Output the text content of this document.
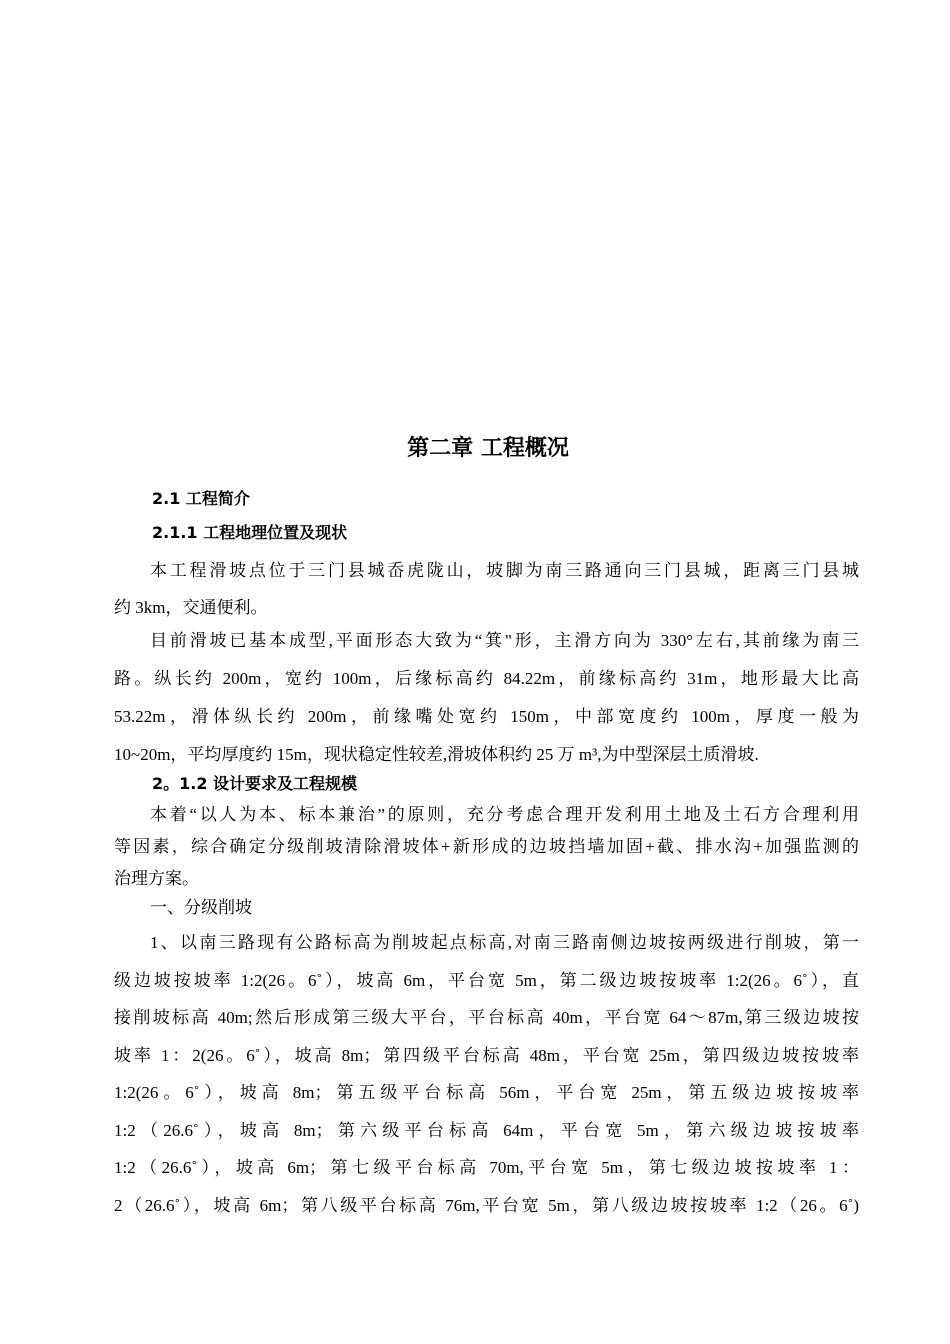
第二章 工程概况
2.1 工程简介
2.1.1 工程地理位置及现状
本工程滑坡点位于三门县城岙虎陇山，坡脚为南三路通向三门县城，距离三门县城
约 3km，交通便利。
目前滑坡已基本成型,平面形态大致为“箕"形，主滑方向为 330°左右,其前缘为南三
路。纵长约 200m，宽约 100m，后缘标高约 84.22m，前缘标高约 31m，地形最大比高
53.22m，滑体纵长约 200m，前缘嘴处宽约 150m，中部宽度约 100m，厚度一般为
10~20m，平均厚度约 15m，现状稳定性较差,滑坡体积约 25 万 m³,为中型深层土质滑坡.
2。1.2 设计要求及工程规模
本着“以人为本、标本兼治”的原则，充分考虑合理开发利用土地及土石方合理利用
等因素，综合确定分级削坡清除滑坡体+新形成的边坡挡墙加固+截、排水沟+加强监测的
治理方案。
一、分级削坡
1、以南三路现有公路标高为削坡起点标高,对南三路南侧边坡按两级进行削坡，第一
级边坡按坡率 1:2(26。6˚），坡高 6m，平台宽 5m，第二级边坡按坡率 1:2(26。6˚），直
接削坡标高 40m;然后形成第三级大平台，平台标高 40m，平台宽 64～87m,第三级边坡按
坡率 1：2(26。6˚），坡高 8m；第四级平台标高 48m，平台宽 25m，第四级边坡按坡率
1:2(26。6˚），坡高 8m；第五级平台标高 56m，平台宽 25m，第五级边坡按坡率
1:2（26.6˚），坡高 8m；第六级平台标高 64m，平台宽 5m，第六级边坡按坡率
1:2（26.6˚），坡高 6m；第七级平台标高 70m,平台宽 5m，第七级边坡按坡率 1：
2（26.6˚），坡高 6m；第八级平台标高 76m,平台宽 5m，第八级边坡按坡率 1:2（26。6˚)
